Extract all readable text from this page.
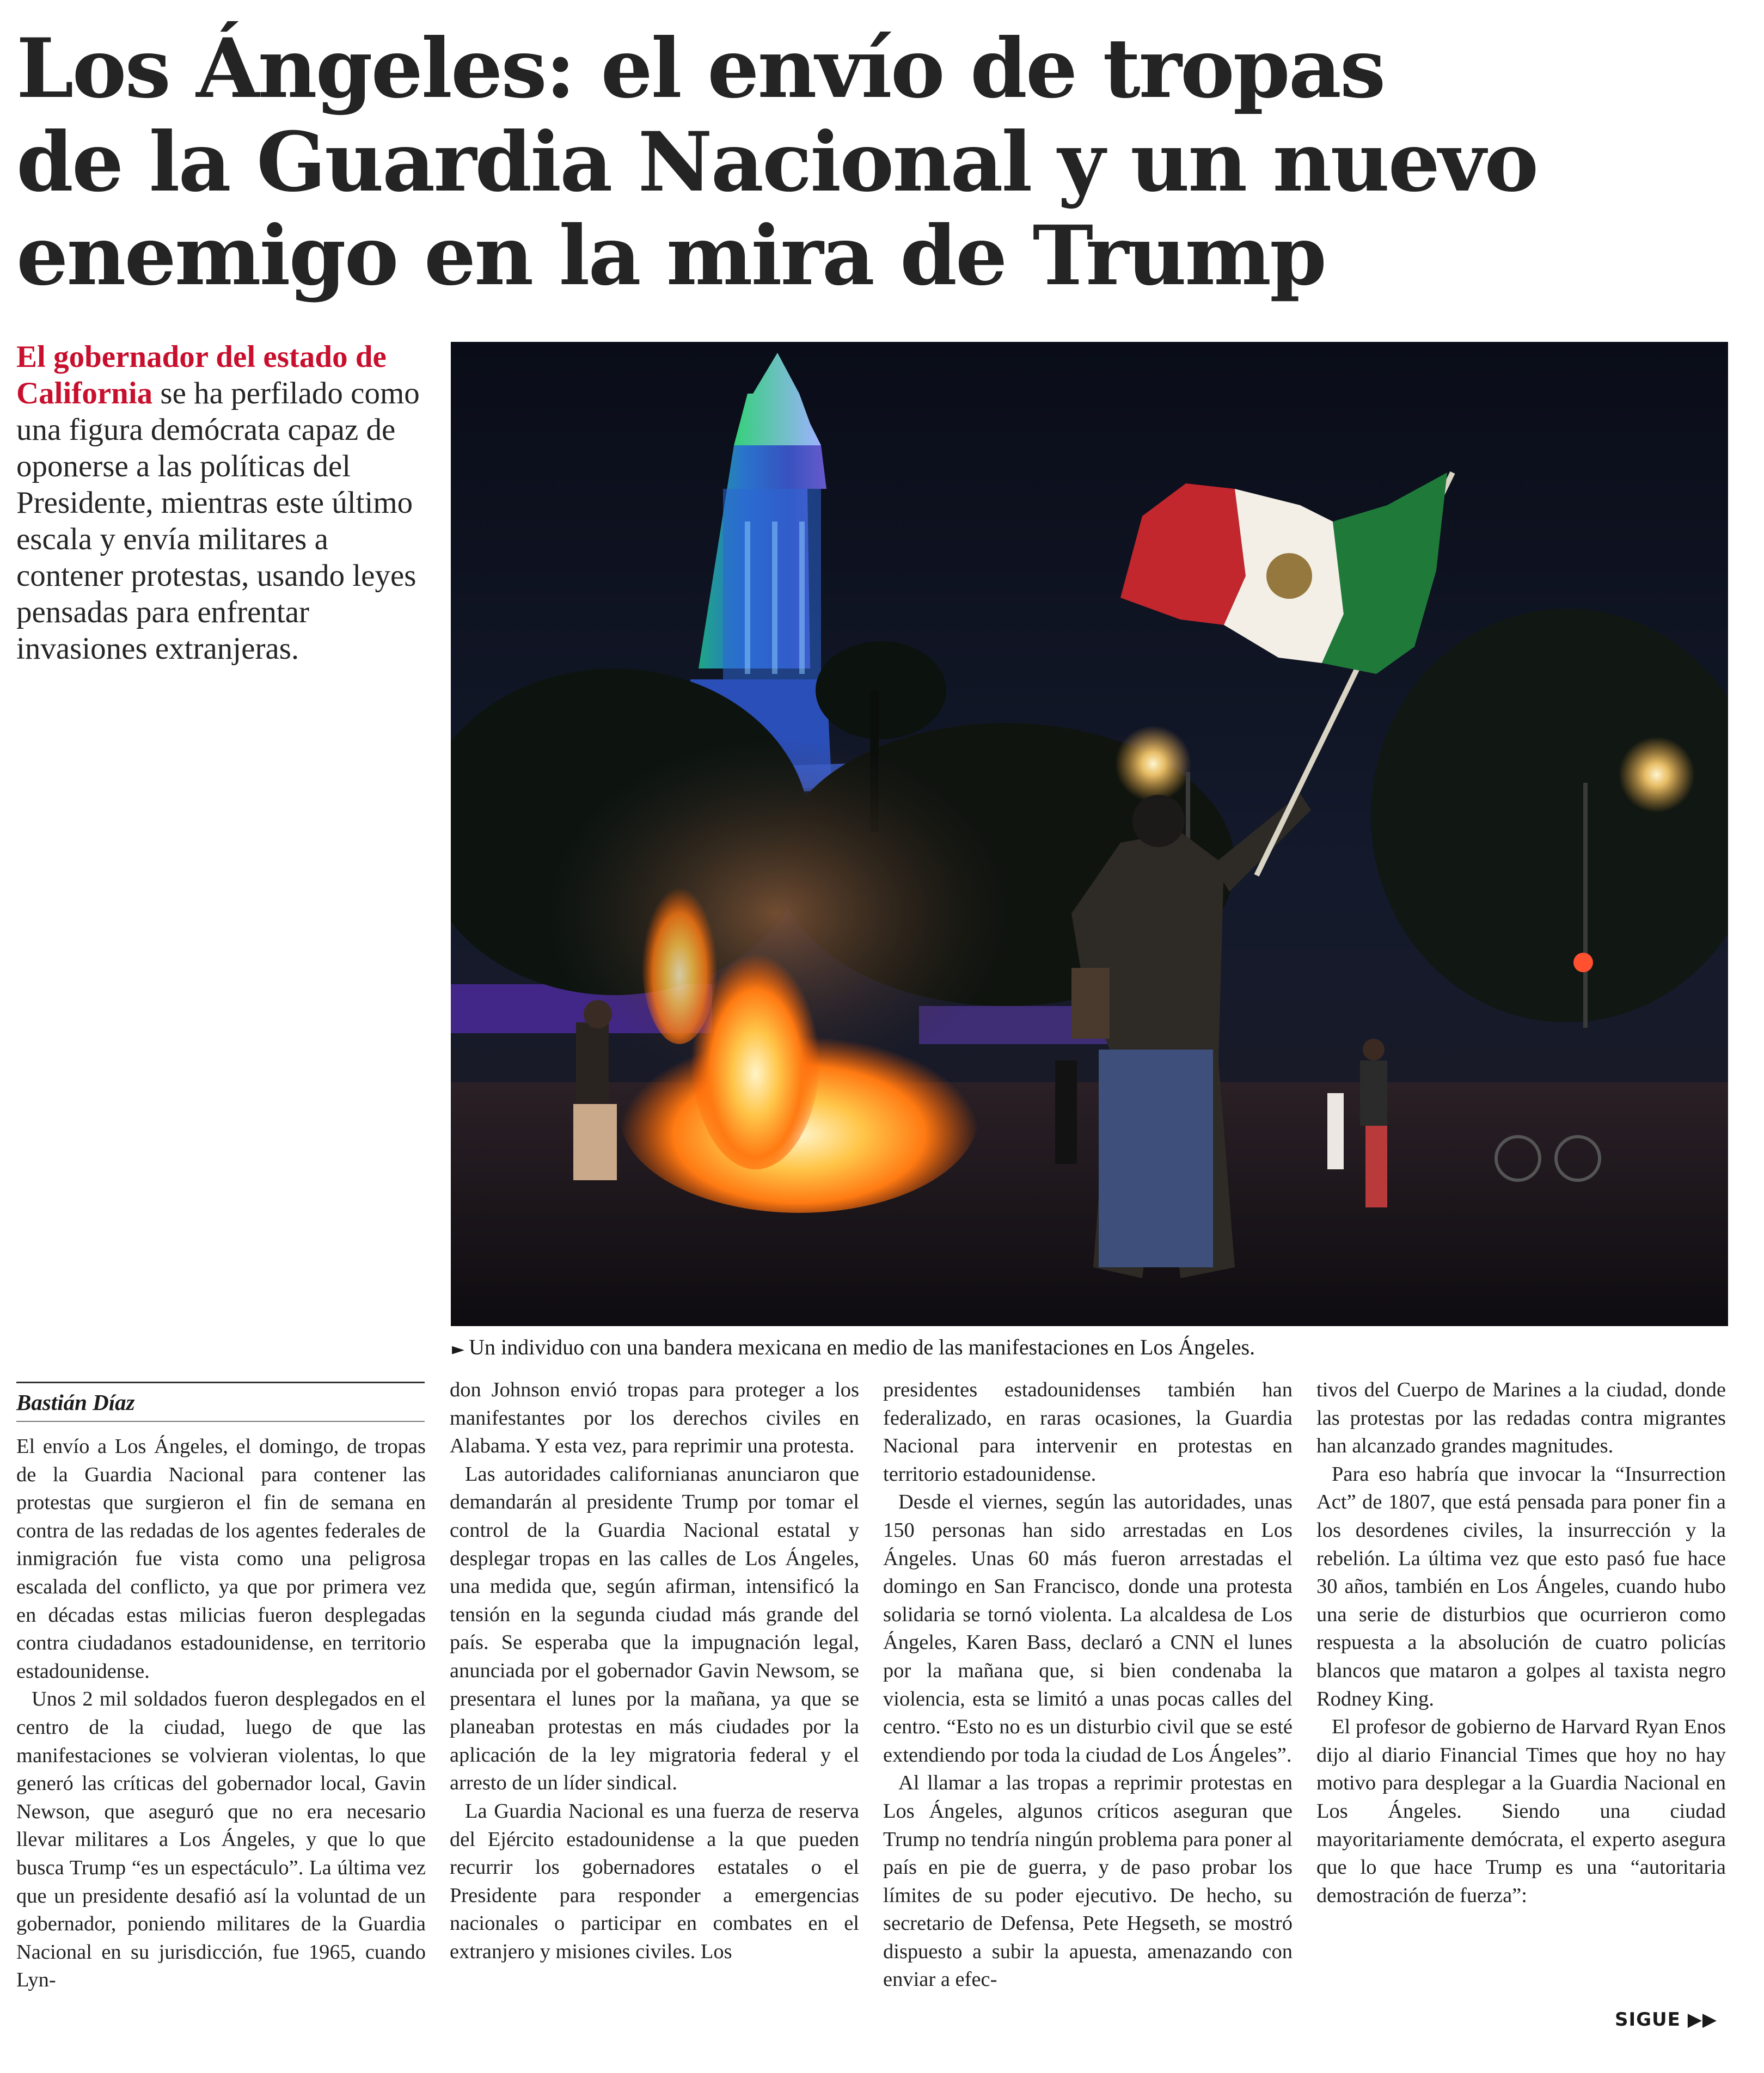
Los Ángeles: el envío de tropas
de la Guardia Nacional y un nuevo
enemigo en la mira de Trump

El gobernador del estado de California se ha perfilado como una figura demócrata capaz de oponerse a las políticas del Presidente, mientras este último escala y envía militares a contener protestas, usando leyes pensadas para enfrentar invasiones extranjeras.

► Un individuo con una bandera mexicana en medio de las manifestaciones en Los Ángeles.

Bastián Díaz

El envío a Los Ángeles, el domingo, de tropas de la Guardia Nacional para contener las protestas que surgieron el fin de semana en contra de las redadas de los agentes federales de inmigración fue vista como una peligrosa escalada del conflicto, ya que por primera vez en décadas estas milicias fueron desplegadas contra ciudadanos estadounidense, en territorio estadounidense.

Unos 2 mil soldados fueron desplegados en el centro de la ciudad, luego de que las manifestaciones se volvieran violentas, lo que generó las críticas del gobernador local, Gavin Newson, que aseguró que no era necesario llevar militares a Los Ángeles, y que lo que busca Trump “es un espectáculo”. La última vez que un presidente desafió así la voluntad de un gobernador, poniendo militares de la Guardia Nacional en su jurisdicción, fue 1965, cuando Lyn-

don Johnson envió tropas para proteger a los manifestantes por los derechos civiles en Alabama. Y esta vez, para reprimir una protesta.

Las autoridades californianas anunciaron que demandarán al presidente Trump por tomar el control de la Guardia Nacional estatal y desplegar tropas en las calles de Los Ángeles, una medida que, según afirman, intensificó la tensión en la segunda ciudad más grande del país. Se esperaba que la impugnación legal, anunciada por el gobernador Gavin Newsom, se presentara el lunes por la mañana, ya que se planeaban protestas en más ciudades por la aplicación de la ley migratoria federal y el arresto de un líder sindical.

La Guardia Nacional es una fuerza de reserva del Ejército estadounidense a la que pueden recurrir los gobernadores estatales o el Presidente para responder a emergencias nacionales o participar en combates en el extranjero y misiones civiles. Los

presidentes estadounidenses también han federalizado, en raras ocasiones, la Guardia Nacional para intervenir en protestas en territorio estadounidense.

Desde el viernes, según las autoridades, unas 150 personas han sido arrestadas en Los Ángeles. Unas 60 más fueron arrestadas el domingo en San Francisco, donde una protesta solidaria se tornó violenta. La alcaldesa de Los Ángeles, Karen Bass, declaró a CNN el lunes por la mañana que, si bien condenaba la violencia, esta se limitó a unas pocas calles del centro. “Esto no es un disturbio civil que se esté extendiendo por toda la ciudad de Los Ángeles”.

Al llamar a las tropas a reprimir protestas en Los Ángeles, algunos críticos aseguran que Trump no tendría ningún problema para poner al país en pie de guerra, y de paso probar los límites de su poder ejecutivo. De hecho, su secretario de Defensa, Pete Hegseth, se mostró dispuesto a subir la apuesta, amenazando con enviar a efec-

tivos del Cuerpo de Marines a la ciudad, donde las protestas por las redadas contra migrantes han alcanzado grandes magnitudes.

Para eso habría que invocar la “Insurrection Act” de 1807, que está pensada para poner fin a los desordenes civiles, la insurrección y la rebelión. La última vez que esto pasó fue hace 30 años, también en Los Ángeles, cuando hubo una serie de disturbios que ocurrieron como respuesta a la absolución de cuatro policías blancos que mataron a golpes al taxista negro Rodney King.

El profesor de gobierno de Harvard Ryan Enos dijo al diario Financial Times que hoy no hay motivo para desplegar a la Guardia Nacional en Los Ángeles. Siendo una ciudad mayoritariamente demócrata, el experto asegura que lo que hace Trump es una “autoritaria demostración de fuerza”:

SIGUE ▶▶
